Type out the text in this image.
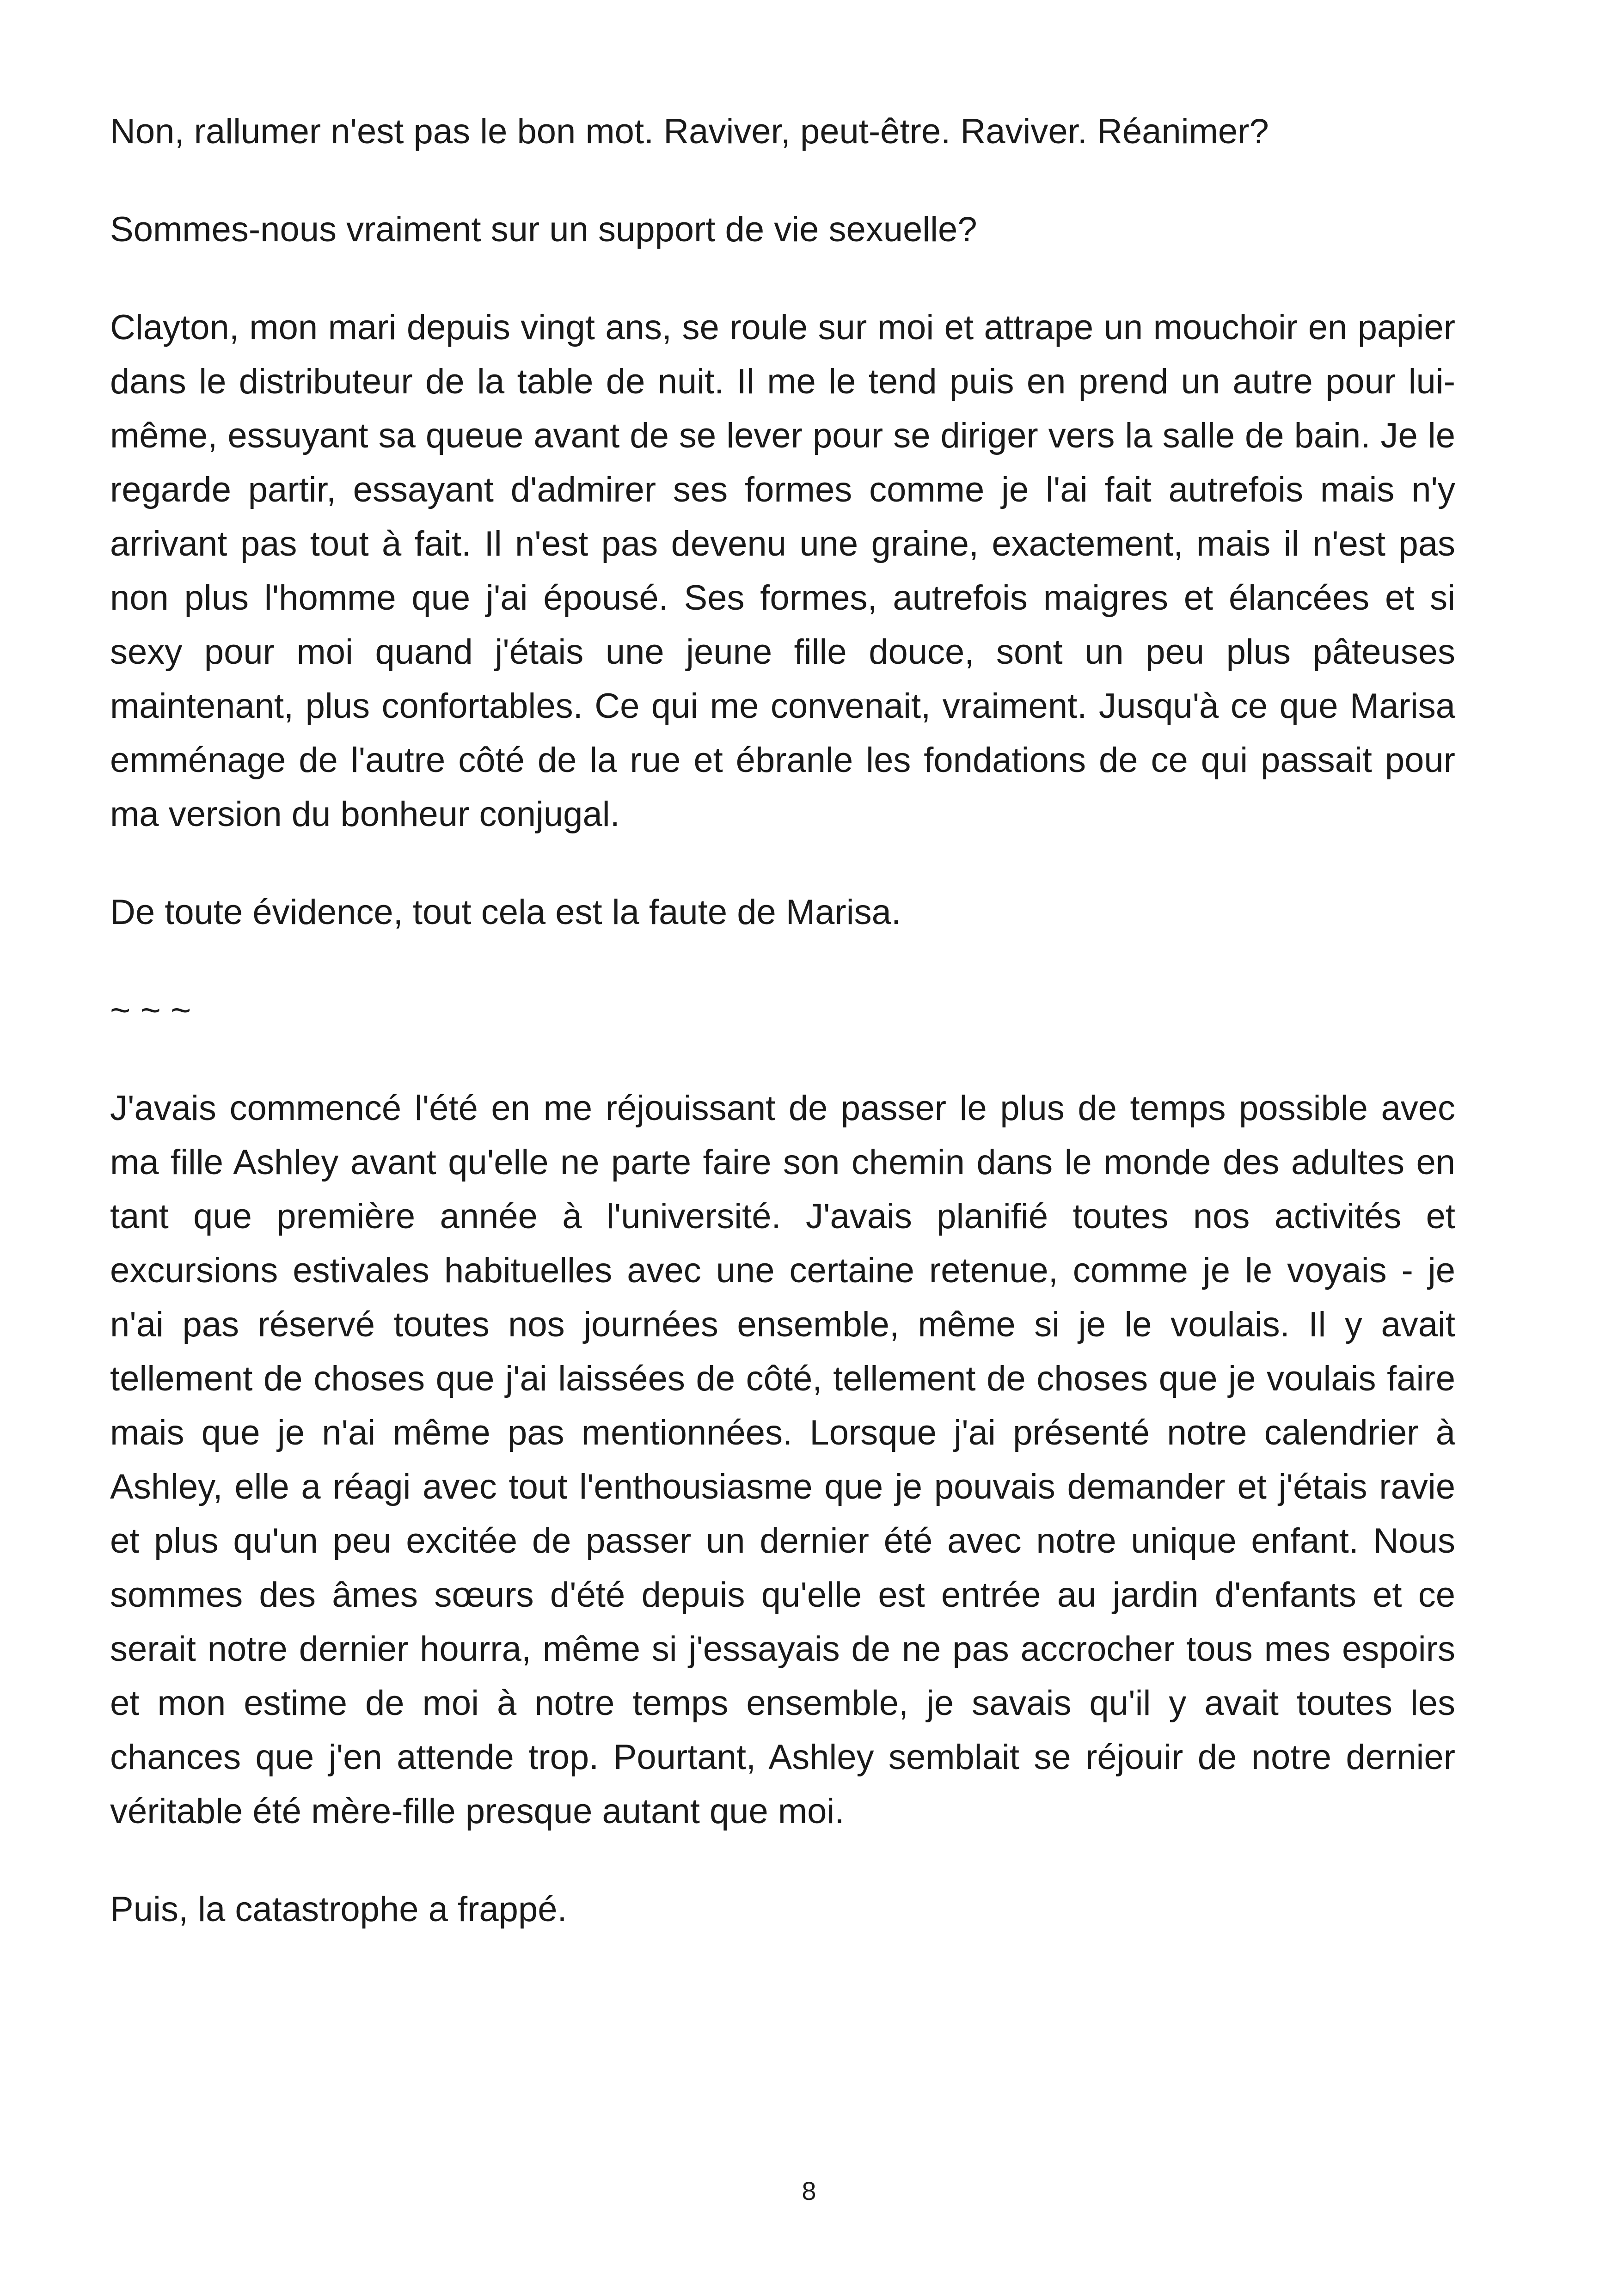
Non, rallumer n'est pas le bon mot. Raviver, peut-être. Raviver. Réanimer?

Sommes-nous vraiment sur un support de vie sexuelle?

Clayton, mon mari depuis vingt ans, se roule sur moi et attrape un mouchoir en papier dans le distributeur de la table de nuit. Il me le tend puis en prend un autre pour lui-même, essuyant sa queue avant de se lever pour se diriger vers la salle de bain. Je le regarde partir, essayant d'admirer ses formes comme je l'ai fait autrefois mais n'y arrivant pas tout à fait. Il n'est pas devenu une graine, exactement, mais il n'est pas non plus l'homme que j'ai épousé. Ses formes, autrefois maigres et élancées et si sexy pour moi quand j'étais une jeune fille douce, sont un peu plus pâteuses maintenant, plus confortables. Ce qui me convenait, vraiment. Jusqu'à ce que Marisa emménage de l'autre côté de la rue et ébranle les fondations de ce qui passait pour ma version du bonheur conjugal.

De toute évidence, tout cela est la faute de Marisa.

~ ~ ~

J'avais commencé l'été en me réjouissant de passer le plus de temps possible avec ma fille Ashley avant qu'elle ne parte faire son chemin dans le monde des adultes en tant que première année à l'université. J'avais planifié toutes nos activités et excursions estivales habituelles avec une certaine retenue, comme je le voyais - je n'ai pas réservé toutes nos journées ensemble, même si je le voulais. Il y avait tellement de choses que j'ai laissées de côté, tellement de choses que je voulais faire mais que je n'ai même pas mentionnées. Lorsque j'ai présenté notre calendrier à Ashley, elle a réagi avec tout l'enthousiasme que je pouvais demander et j'étais ravie et plus qu'un peu excitée de passer un dernier été avec notre unique enfant. Nous sommes des âmes sœurs d'été depuis qu'elle est entrée au jardin d'enfants et ce serait notre dernier hourra, même si j'essayais de ne pas accrocher tous mes espoirs et mon estime de moi à notre temps ensemble, je savais qu'il y avait toutes les chances que j'en attende trop. Pourtant, Ashley semblait se réjouir de notre dernier véritable été mère-fille presque autant que moi.

Puis, la catastrophe a frappé.

8
